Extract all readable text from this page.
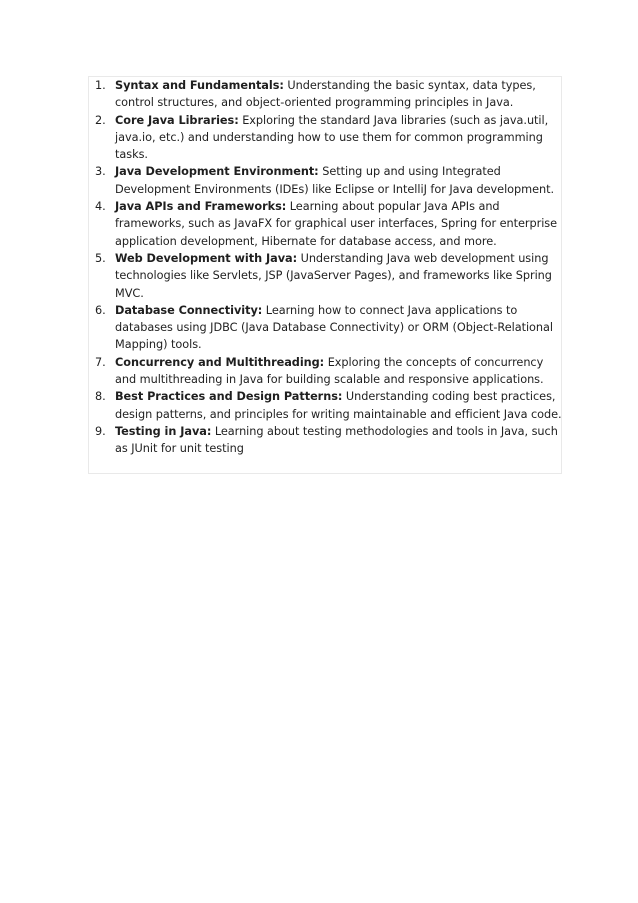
1. Syntax and Fundamentals: Understanding the basic syntax, data types, control structures, and object-oriented programming principles in Java.
2. Core Java Libraries: Exploring the standard Java libraries (such as java.util, java.io, etc.) and understanding how to use them for common programming tasks.
3. Java Development Environment: Setting up and using Integrated Development Environments (IDEs) like Eclipse or IntelliJ for Java development.
4. Java APIs and Frameworks: Learning about popular Java APIs and frameworks, such as JavaFX for graphical user interfaces, Spring for enterprise application development, Hibernate for database access, and more.
5. Web Development with Java: Understanding Java web development using technologies like Servlets, JSP (JavaServer Pages), and frameworks like Spring MVC.
6. Database Connectivity: Learning how to connect Java applications to databases using JDBC (Java Database Connectivity) or ORM (Object-Relational Mapping) tools.
7. Concurrency and Multithreading: Exploring the concepts of concurrency and multithreading in Java for building scalable and responsive applications.
8. Best Practices and Design Patterns: Understanding coding best practices, design patterns, and principles for writing maintainable and efficient Java code.
9. Testing in Java: Learning about testing methodologies and tools in Java, such as JUnit for unit testing
